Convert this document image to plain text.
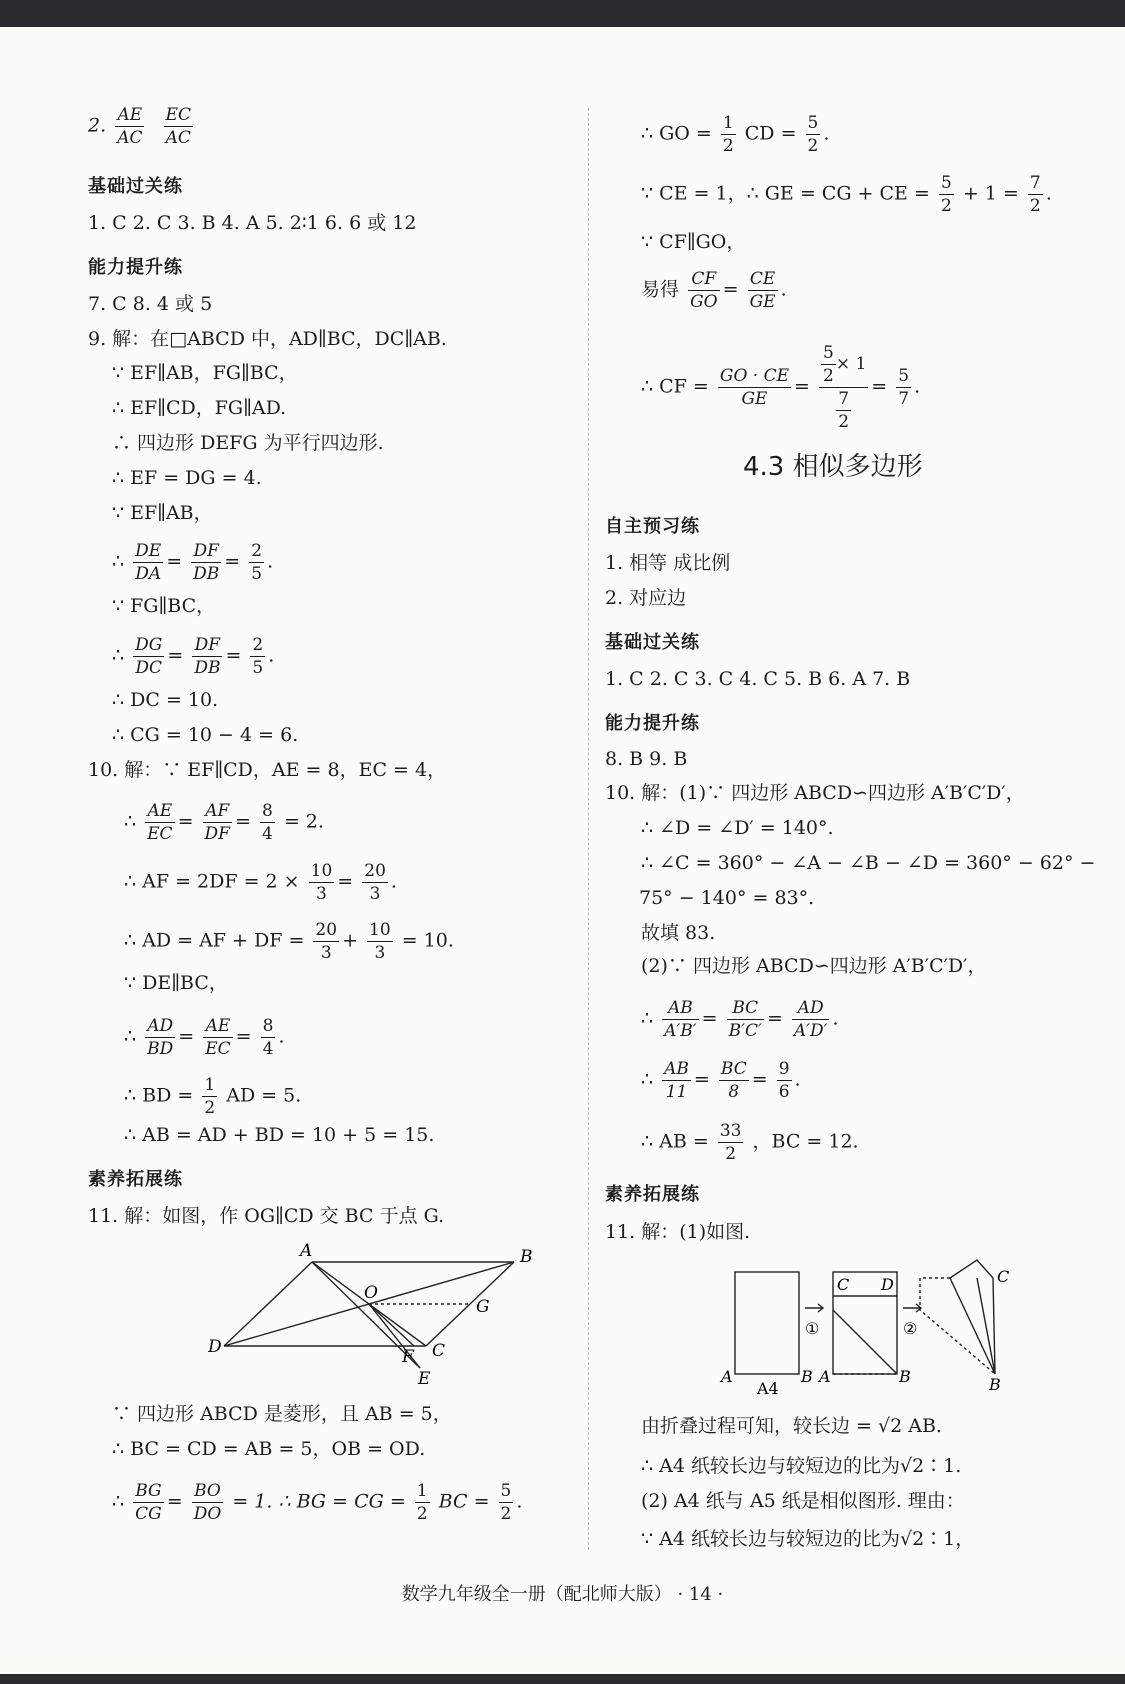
2. $\frac{AE}{AC}$
$\frac{EC}{AC}$
基础过关练
1. C 2. C 3. B 4. A 5. 2∶1 6. 6 或 12
能力提升练
7. C 8. 4 或 5
9. 解：在□ABCD 中，AD∥BC，DC∥AB.
∵ EF∥AB，FG∥BC，
∴ EF∥CD，FG∥AD.
∴ 四边形 DEFG 为平行四边形.
∴ EF = DG = 4.
∵ EF∥AB，
∴ $\frac{DE}{DA} = \frac{DF}{DB} = \frac{2}{5}$ .
∵ FG∥BC，
∴ $\frac{DG}{DC} = \frac{DF}{DB} = \frac{2}{5}$ .
∴ DC = 10.
∴ CG = 10 − 4 = 6.
10. 解：∵ EF∥CD，AE = 8，EC = 4，
∴ $\frac{AE}{EC} = \frac{AF}{DF} = \frac{8}{4} = 2$.
∴ AF = $2DF = 2 \times \frac{10}{3} = \frac{20}{3}$ .
∴ AD = AF + DF = $\frac{20}{3} + \frac{10}{3} = 10$.
∵ DE∥BC，
∴ $\frac{AD}{BD} = \frac{AE}{EC} = \frac{8}{4}$ .
∴ BD = $\frac{1}{2}$ AD = 5.
∴ AB = AD + BD = 10 + 5 = 15.
素养拓展练
11. 解：如图，作 OG∥CD 交 BC 于点 G.
A	B
O
G
D	F C
E
∵ 四边形 ABCD 是菱形，且 AB = 5，
∴ BC = CD = AB = 5，OB = OD.
∴ $\frac{BG}{CG} = \frac{BO}{DO} = 1$. ∴ BG = CG = $\frac{1}{2}$ BC = $\frac{5}{2}$ .
∴ GO = $\frac{1}{2}$ CD = $\frac{5}{2}$ .
∵ CE = 1，∴ GE = CG + CE = $\frac{5}{2} + 1 = \frac{7}{2}$ .
∵ CF∥GO，
易得 $\frac{CF}{GO} = \frac{CE}{GE}$ .
∴ CF = $\frac{GO \cdot CE}{GE} = \frac{\frac{5}{2} \times 1}{\frac{7}{2}} = \frac{5}{7}$ .
4.3 相似多边形
自主预习练
1. 相等 成比例
2. 对应边
基础过关练
1. C 2. C 3. C 4. C 5. B 6. A 7. B
能力提升练
8. B 9. B
10. 解：(1)∵ 四边形 ABCD∽四边形 A′B′C′D′，
∴ ∠D = ∠D′ = 140°.
∴ ∠C = 360° − ∠A − ∠B − ∠D = 360° − 62° −
75° − 140° = 83°.
故填 83.
(2)∵ 四边形 ABCD∽四边形 A′B′C′D′，
∴ $\frac{AB}{A'B'} = \frac{BC}{B'C'} = \frac{AD}{A'D'}$ .
∴ $\frac{AB}{11} = \frac{BC}{8} = \frac{9}{6}$ .
∴ AB = $\frac{33}{2}$ ，BC = 12.
素养拓展练
11. 解：(1)如图.
A
A4
B
①
C D
A	B
②
C
B
由折叠过程可知，较长边 = √2 AB.
∴ A4 纸较长边与较短边的比为√2∶1.
(2) A4 纸与 A5 纸是相似图形. 理由：
∵ A4 纸较长边与较短边的比为√2∶1，
数学九年级全一册（配北师大版） · 14 ·
